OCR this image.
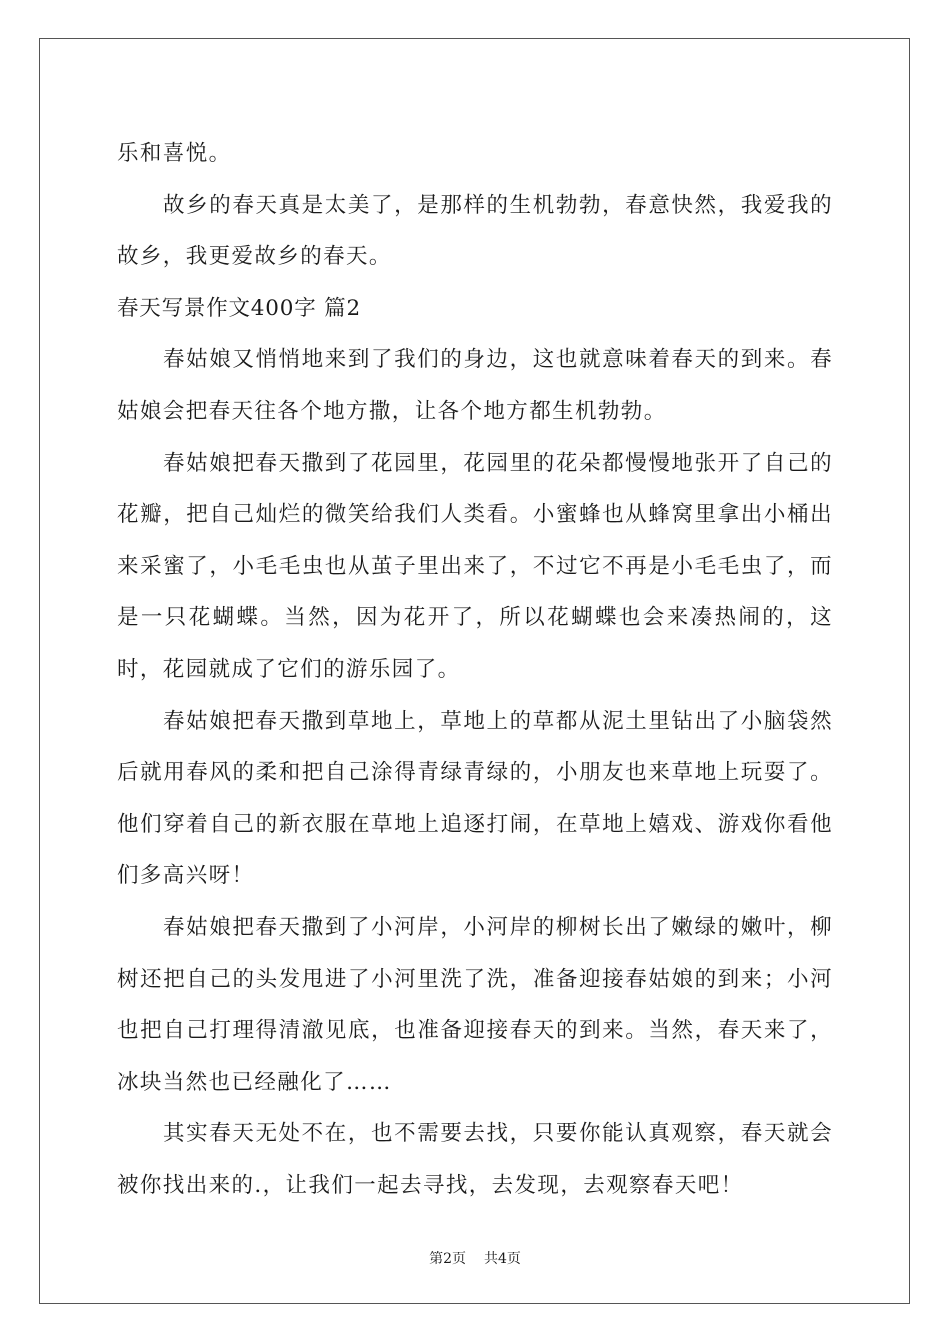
乐和喜悦。

故乡的春天真是太美了，是那样的生机勃勃，春意快然，我爱我的故乡，我更爱故乡的春天。

春天写景作文400字 篇2

春姑娘又悄悄地来到了我们的身边，这也就意味着春天的到来。春姑娘会把春天往各个地方撒，让各个地方都生机勃勃。

春姑娘把春天撒到了花园里，花园里的花朵都慢慢地张开了自己的花瓣，把自己灿烂的微笑给我们人类看。小蜜蜂也从蜂窝里拿出小桶出来采蜜了，小毛毛虫也从茧子里出来了，不过它不再是小毛毛虫了，而是一只花蝴蝶。当然，因为花开了，所以花蝴蝶也会来凑热闹的，这时，花园就成了它们的游乐园了。

春姑娘把春天撒到草地上，草地上的草都从泥土里钻出了小脑袋然后就用春风的柔和把自己涂得青绿青绿的，小朋友也来草地上玩耍了。他们穿着自己的新衣服在草地上追逐打闹，在草地上嬉戏、游戏你看他们多高兴呀！

春姑娘把春天撒到了小河岸，小河岸的柳树长出了嫩绿的嫩叶，柳树还把自己的头发甩进了小河里洗了洗，准备迎接春姑娘的到来；小河也把自己打理得清澈见底，也准备迎接春天的到来。当然，春天来了，冰块当然也已经融化了……

其实春天无处不在，也不需要去找，只要你能认真观察，春天就会被你找出来的.，让我们一起去寻找，去发现，去观察春天吧！

第2页 共4页
